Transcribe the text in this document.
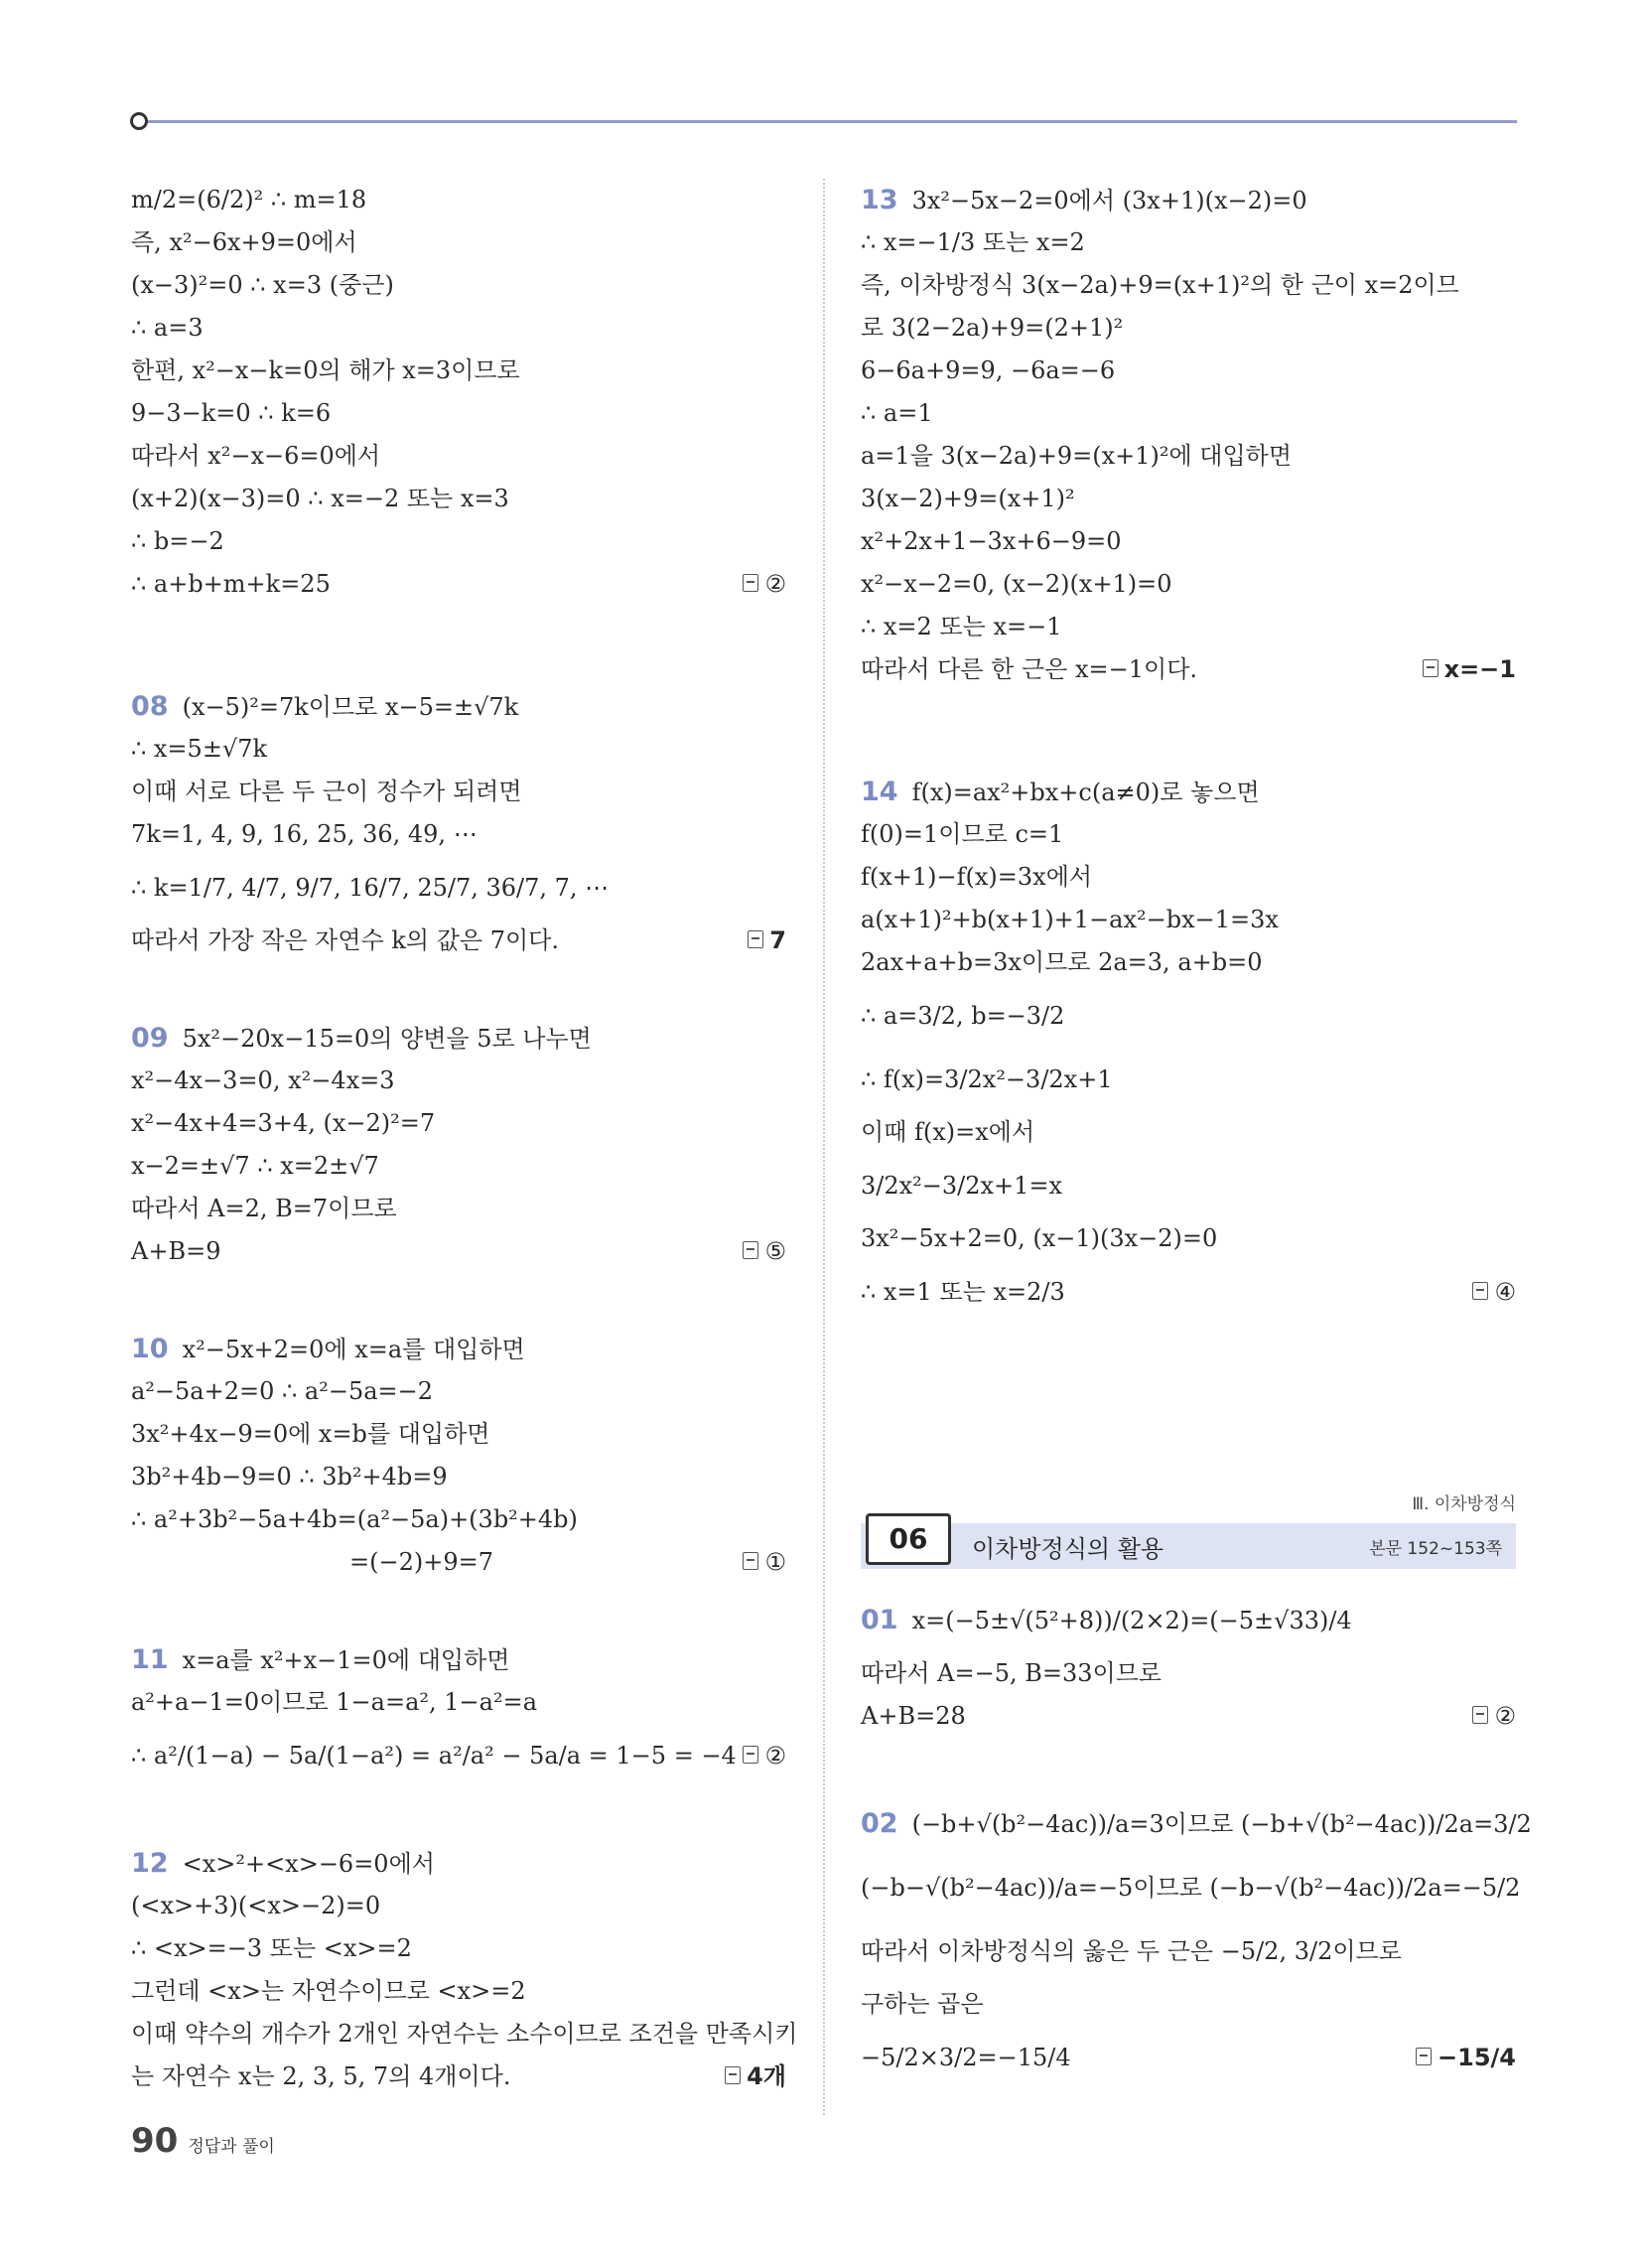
m/2=(6/2)² ∴ m=18
즉, x²−6x+9=0에서
(x−3)²=0 ∴ x=3 (중근)
∴ a=3
한편, x²−x−k=0의 해가 x=3이므로
9−3−k=0 ∴ k=6
따라서 x²−x−6=0에서
(x+2)(x−3)=0 ∴ x=−2 또는 x=3
∴ b=−2
∴ a+b+m+k=25	②
08 (x−5)²=7k이므로 x−5=±√7k
∴ x=5±√7k
이때 서로 다른 두 근이 정수가 되려면
7k=1, 4, 9, 16, 25, 36, 49, ⋯
∴ k=1/7, 4/7, 9/7, 16/7, 25/7, 36/7, 7, ⋯
따라서 가장 작은 자연수 k의 값은 7이다.	7
09 5x²−20x−15=0의 양변을 5로 나누면
x²−4x−3=0, x²−4x=3
x²−4x+4=3+4, (x−2)²=7
x−2=±√7 ∴ x=2±√7
따라서 A=2, B=7이므로
A+B=9	⑤
10 x²−5x+2=0에 x=a를 대입하면
a²−5a+2=0 ∴ a²−5a=−2
3x²+4x−9=0에 x=b를 대입하면
3b²+4b−9=0 ∴ 3b²+4b=9
∴ a²+3b²−5a+4b=(a²−5a)+(3b²+4b)
=(−2)+9=7	①
11 x=a를 x²+x−1=0에 대입하면
a²+a−1=0이므로 1−a=a², 1−a²=a
∴ a²/(1−a) − 5a/(1−a²) = a²/a² − 5a/a = 1−5 = −4	②
12 <x>²+<x>−6=0에서
(<x>+3)(<x>−2)=0
∴ <x>=−3 또는 <x>=2
그런데 <x>는 자연수이므로 <x>=2
이때 약수의 개수가 2개인 자연수는 소수이므로 조건을 만족시키
는 자연수 x는 2, 3, 5, 7의 4개이다.	4개
13 3x²−5x−2=0에서 (3x+1)(x−2)=0
∴ x=−1/3 또는 x=2
즉, 이차방정식 3(x−2a)+9=(x+1)²의 한 근이 x=2이므
로 3(2−2a)+9=(2+1)²
6−6a+9=9, −6a=−6
∴ a=1
a=1을 3(x−2a)+9=(x+1)²에 대입하면
3(x−2)+9=(x+1)²
x²+2x+1−3x+6−9=0
x²−x−2=0, (x−2)(x+1)=0
∴ x=2 또는 x=−1
따라서 다른 한 근은 x=−1이다.	x=−1
14 f(x)=ax²+bx+c(a≠0)로 놓으면
f(0)=1이므로 c=1
f(x+1)−f(x)=3x에서
a(x+1)²+b(x+1)+1−ax²−bx−1=3x
2ax+a+b=3x이므로 2a=3, a+b=0
∴ a=3/2, b=−3/2
∴ f(x)=3/2x²−3/2x+1
이때 f(x)=x에서
3/2x²−3/2x+1=x
3x²−5x+2=0, (x−1)(3x−2)=0
∴ x=1 또는 x=2/3	④
Ⅲ. 이차방정식
06	이차방정식의 활용	본문 152~153쪽
01 x=(−5±√(5²+8))/(2×2)=(−5±√33)/4
따라서 A=−5, B=33이므로
A+B=28	②
02 (−b+√(b²−4ac))/a=3이므로 (−b+√(b²−4ac))/2a=3/2
(−b−√(b²−4ac))/a=−5이므로 (−b−√(b²−4ac))/2a=−5/2
따라서 이차방정식의 옳은 두 근은 −5/2, 3/2이므로
구하는 곱은
−5/2×3/2=−15/4	−15/4
90 정답과 풀이
